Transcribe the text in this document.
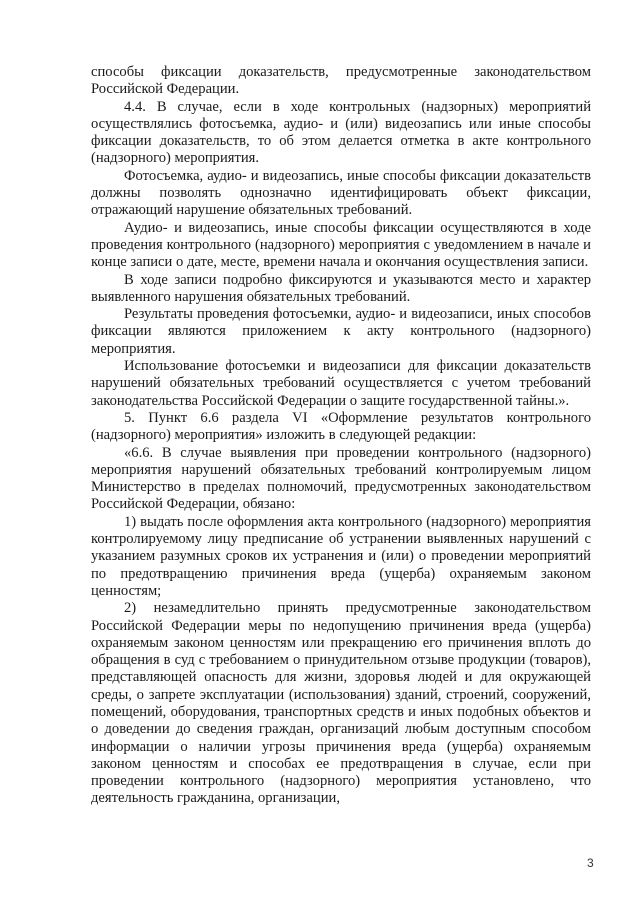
способы фиксации доказательств, предусмотренные законодательством Российской Федерации.

4.4. В случае, если в ходе контрольных (надзорных) мероприятий осуществлялись фотосъемка, аудио- и (или) видеозапись или иные способы фиксации доказательств, то об этом делается отметка в акте контрольного (надзорного) мероприятия.

Фотосъемка, аудио- и видеозапись, иные способы фиксации доказательств должны позволять однозначно идентифицировать объект фиксации, отражающий нарушение обязательных требований.

Аудио- и видеозапись, иные способы фиксации осуществляются в ходе проведения контрольного (надзорного) мероприятия с уведомлением в начале и конце записи о дате, месте, времени начала и окончания осуществления записи.

В ходе записи подробно фиксируются и указываются место и характер выявленного нарушения обязательных требований.

Результаты проведения фотосъемки, аудио- и видеозаписи, иных способов фиксации являются приложением к акту контрольного (надзорного) мероприятия.

Использование фотосъемки и видеозаписи для фиксации доказательств нарушений обязательных требований осуществляется с учетом требований законодательства Российской Федерации о защите государственной тайны.».

5. Пункт 6.6 раздела VI «Оформление результатов контрольного (надзорного) мероприятия» изложить в следующей редакции:

«6.6. В случае выявления при проведении контрольного (надзорного) мероприятия нарушений обязательных требований контролируемым лицом Министерство в пределах полномочий, предусмотренных законодательством Российской Федерации, обязано:

1) выдать после оформления акта контрольного (надзорного) мероприятия контролируемому лицу предписание об устранении выявленных нарушений с указанием разумных сроков их устранения и (или) о проведении мероприятий по предотвращению причинения вреда (ущерба) охраняемым законом ценностям;

2) незамедлительно принять предусмотренные законодательством Российской Федерации меры по недопущению причинения вреда (ущерба) охраняемым законом ценностям или прекращению его причинения вплоть до обращения в суд с требованием о принудительном отзыве продукции (товаров), представляющей опасность для жизни, здоровья людей и для окружающей среды, о запрете эксплуатации (использования) зданий, строений, сооружений, помещений, оборудования, транспортных средств и иных подобных объектов и о доведении до сведения граждан, организаций любым доступным способом информации о наличии угрозы причинения вреда (ущерба) охраняемым законом ценностям и способах ее предотвращения в случае, если при проведении контрольного (надзорного) мероприятия установлено, что деятельность гражданина, организации,

3
